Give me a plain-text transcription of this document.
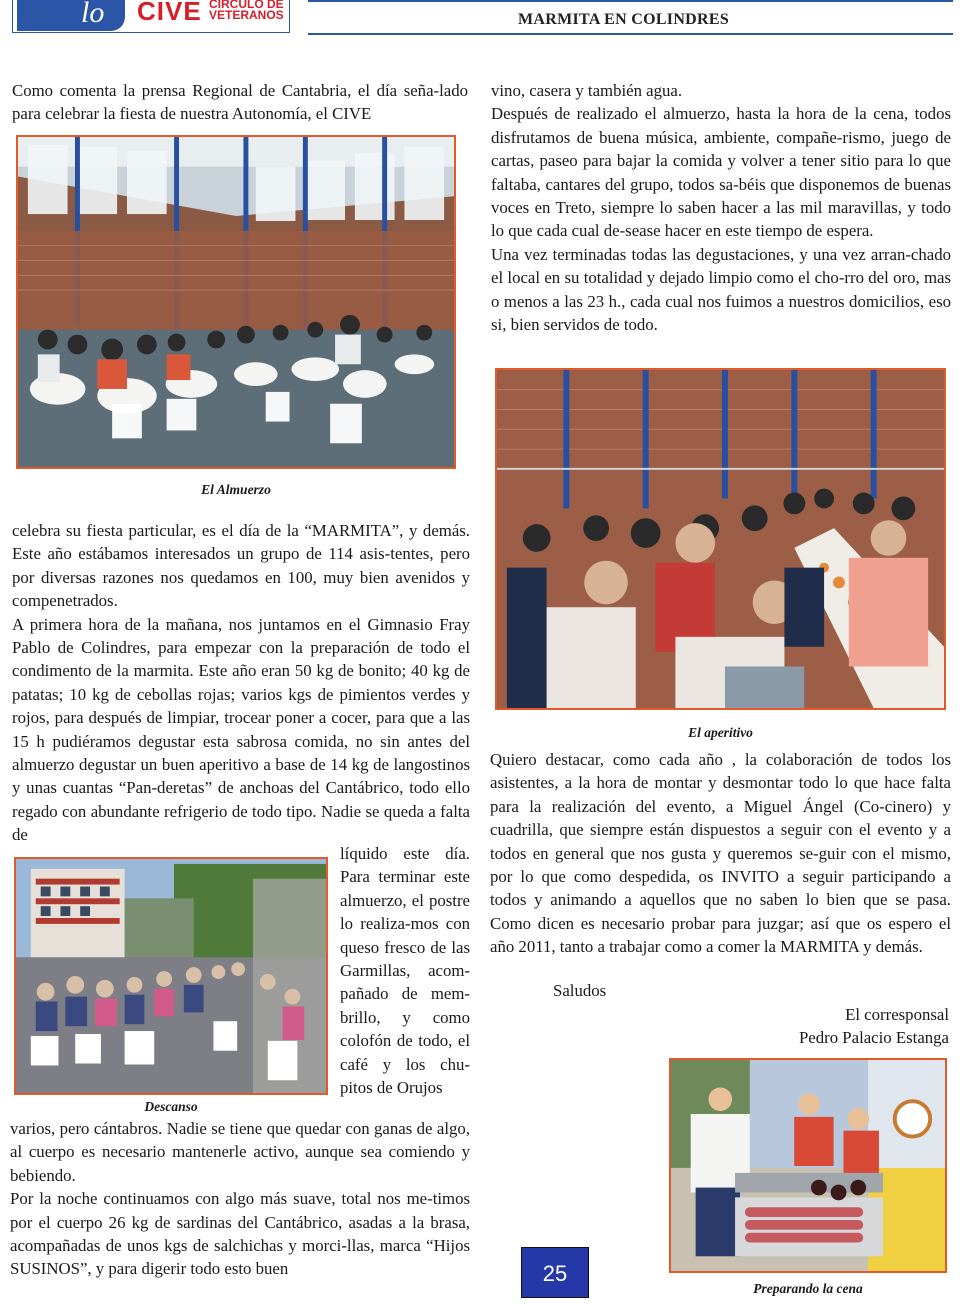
lo	CIVE CIRCULO DE
VETERANOS	MARMITA EN COLINDRES

Como comenta la prensa Regional de Cantabria, el día seña-lado para celebrar la fiesta de nuestra Autonomía, el CIVE

El Almuerzo

celebra su fiesta particular, es el día de la “MARMITA”, y demás. Este año estábamos interesados un grupo de 114 asis-tentes, pero por diversas razones nos quedamos en 100, muy bien avenidos y compenetrados.

A primera hora de la mañana, nos juntamos en el Gimnasio Fray Pablo de Colindres, para empezar con la preparación de todo el condimento de la marmita. Este año eran 50 kg de bonito; 40 kg de patatas; 10 kg de cebollas rojas; varios kgs de pimientos verdes y rojos, para después de limpiar, trocear poner a cocer, para que a las 15 h pudiéramos degustar esta sabrosa comida, no sin antes del almuerzo degustar un buen aperitivo a base de 14 kg de langostinos y unas cuantas “Pan-deretas” de anchoas del Cantábrico, todo ello regado con abundante refrigerio de todo tipo. Nadie se queda a falta de

Descanso

líquido este día. Para terminar este almuerzo, el postre lo realiza-mos con queso fresco de las Garmillas, acom-pañado de mem-brillo, y como colofón de todo, el café y los chu-pitos de Orujos

varios, pero cántabros. Nadie se tiene que quedar con ganas de algo, al cuerpo es necesario mantenerle activo, aunque sea comiendo y bebiendo.

Por la noche continuamos con algo más suave, total nos me-timos por el cuerpo 26 kg de sardinas del Cantábrico, asadas a la brasa, acompañadas de unos kgs de salchichas y morci-llas, marca “Hijos SUSINOS”, y para digerir todo esto buen

vino, casera y también agua.

Después de realizado el almuerzo, hasta la hora de la cena, todos disfrutamos de buena música, ambiente, compañe-rismo, juego de cartas, paseo para bajar la comida y volver a tener sitio para lo que faltaba, cantares del grupo, todos sa-béis que disponemos de buenas voces en Treto, siempre lo saben hacer a las mil maravillas, y todo lo que cada cual de-sease hacer en este tiempo de espera.

Una vez terminadas todas las degustaciones, y una vez arran-chado el local en su totalidad y dejado limpio como el cho-rro del oro, mas o menos a las 23 h., cada cual nos fuimos a nuestros domicilios, eso si, bien servidos de todo.

El aperitivo

Quiero destacar, como cada año , la colaboración de todos los asistentes, a la hora de montar y desmontar todo lo que hace falta para la realización del evento, a Miguel Ángel (Co-cinero) y cuadrilla, que siempre están dispuestos a seguir con el evento y a todos en general que nos gusta y queremos se-guir con el mismo, por lo que como despedida, os INVITO a seguir participando a todos y animando a aquellos que no saben lo bien que se pasa. Como dicen es necesario probar para juzgar; así que os espero el año 2011, tanto a trabajar como a comer la MARMITA y demás.

Saludos

El corresponsal
Pedro Palacio Estanga
Preparando la cena
25
